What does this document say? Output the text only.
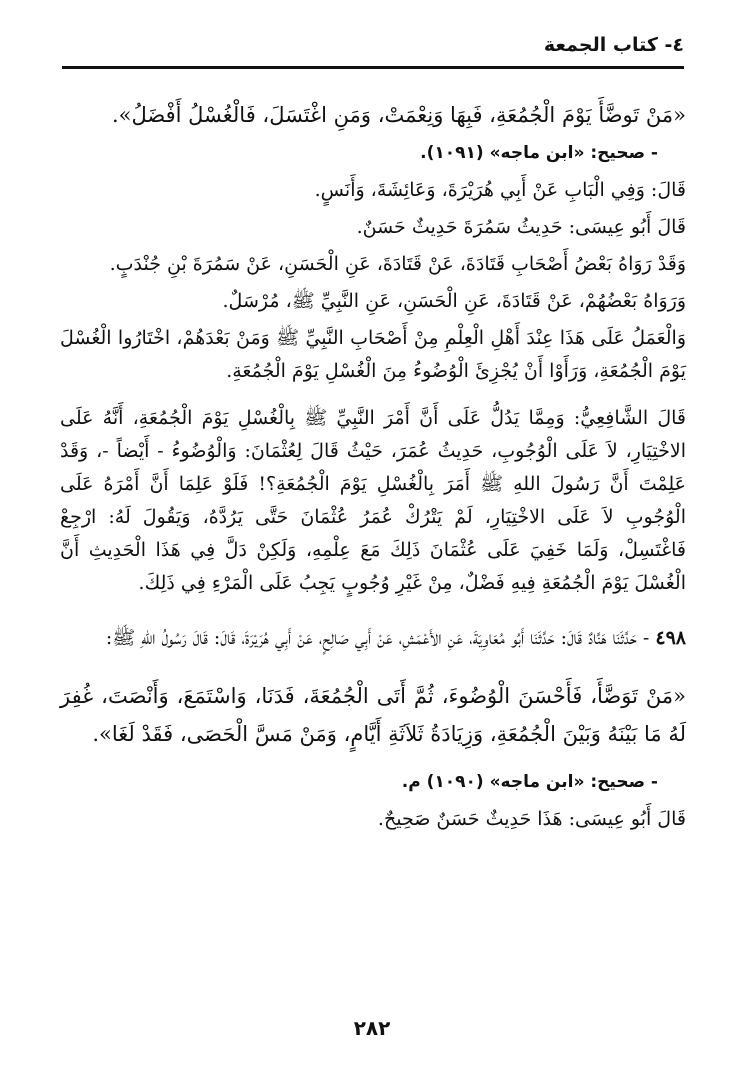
٤- كتاب الجمعة

«مَنْ تَوضَّأَ يَوْمَ الْجُمُعَةِ، فَبِهَا وَنِعْمَتْ، وَمَنِ اغْتَسَلَ، فَالْغُسْلُ أَفْضَلُ».

- صحيح: «ابن ماجه» (١٠٩١).

قَالَ: وَفِي الْبَابِ عَنْ أَبِي هُرَيْرَةَ، وَعَائِشَةَ، وَأَنَسٍ.

قَالَ أَبُو عِيسَى: حَدِيثُ سَمُرَةَ حَدِيثٌ حَسَنٌ.

وَقَدْ رَوَاهُ بَعْضُ أَصْحَابِ قَتَادَةَ، عَنْ قَتَادَةَ، عَنِ الْحَسَنِ، عَنْ سَمُرَةَ بْنِ جُنْدَبٍ.

وَرَوَاهُ بَعْضُهُمْ، عَنْ قَتَادَةَ، عَنِ الْحَسَنِ، عَنِ النَّبِيِّ ﷺ، مُرْسَلٌ.

وَالْعَمَلُ عَلَى هَذَا عِنْدَ أَهْلِ الْعِلْمِ مِنْ أَصْحَابِ النَّبِيِّ ﷺ وَمَنْ بَعْدَهُمْ، اخْتَارُوا الْغُسْلَ يَوْمَ الْجُمُعَةِ، وَرَأَوْا أَنْ يُجْزِئَ الْوُضُوءُ مِنَ الْغُسْلِ يَوْمَ الْجُمُعَةِ.

قَالَ الشَّافِعِيُّ: وَمِمَّا يَدُلُّ عَلَى أَنَّ أَمْرَ النَّبِيِّ ﷺ بِالْغُسْلِ يَوْمَ الْجُمُعَةِ، أَنَّهُ عَلَى الاخْتِيَارِ، لاَ عَلَى الْوُجُوبِ، حَدِيثُ عُمَرَ، حَيْثُ قَالَ لِعُثْمَانَ: وَالْوُضُوءُ - أَيْضاً -، وَقَدْ عَلِمْتَ أَنَّ رَسُولَ اللهِ ﷺ أَمَرَ بِالْغُسْلِ يَوْمَ الْجُمُعَةِ؟! فَلَوْ عَلِمَا أَنَّ أَمْرَهُ عَلَى الْوُجُوبِ لاَ عَلَى الاخْتِيَارِ، لَمْ يَتْرُكْ عُمَرُ عُثْمَانَ حَتَّى يَرُدَّهُ، وَيَقُولَ لَهُ: ارْجِعْ فَاغْتَسِلْ، وَلَمَا خَفِيَ عَلَى عُثْمَانَ ذَلِكَ مَعَ عِلْمِهِ، وَلَكِنْ دَلَّ فِي هَذَا الْحَدِيثِ أَنَّ الْغُسْلَ يَوْمَ الْجُمُعَةِ فِيهِ فَضْلٌ، مِنْ غَيْرِ وُجُوبٍ يَجِبُ عَلَى الْمَرْءِ فِي ذَلِكَ.

٤٩٨ - حَدَّثَنَا هَنَّادٌ قَالَ: حَدَّثَنَا أَبُو مُعَاوِيَةَ، عَنِ الأَعْمَشِ، عَنْ أَبِي صَالِحٍ، عَنْ أَبِي هُرَيْرَةَ، قَالَ: قَالَ رَسُولُ اللهِ ﷺ:

«مَنْ تَوَضَّأَ، فَأَحْسَنَ الْوُضُوءَ، ثُمَّ أَتَى الْجُمُعَةَ، فَدَنَا، وَاسْتَمَعَ، وَأَنْصَتَ، غُفِرَ لَهُ مَا بَيْنَهُ وَبَيْنَ الْجُمُعَةِ، وَزِيَادَةُ ثَلاَثَةِ أَيَّامٍ، وَمَنْ مَسَّ الْحَصَى، فَقَدْ لَغَا».

- صحيح: «ابن ماجه» (١٠٩٠) م.

قَالَ أَبُو عِيسَى: هَذَا حَدِيثٌ حَسَنٌ صَحِيحٌ.

٢٨٢
